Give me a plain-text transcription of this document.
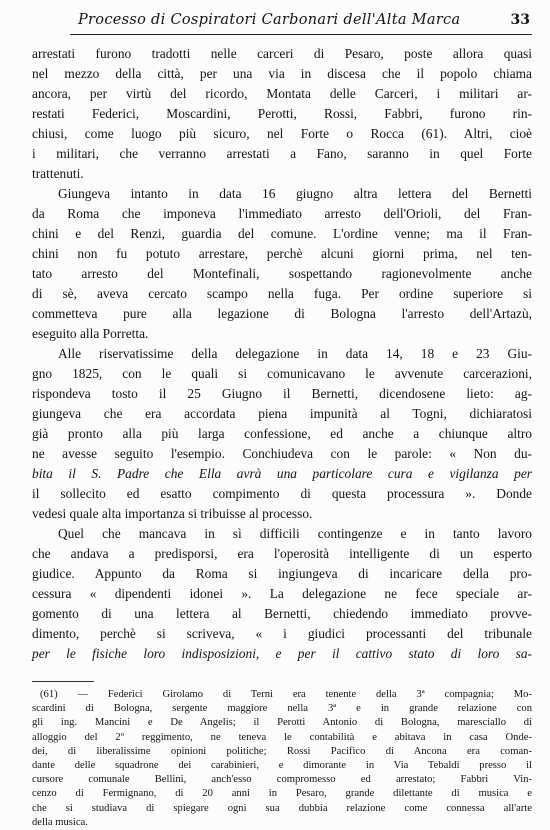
Processo di Cospiratori Carbonari dell'Alta Marca	33
arrestati furono tradotti nelle carceri di Pesaro, poste allora quasi
nel mezzo della città, per una via in discesa che il popolo chiama
ancora, per virtù del ricordo, Montata delle Carceri, i militari ar-
restati Federici, Moscardini, Perotti, Rossi, Fabbri, furono rin-
chiusi, come luogo più sicuro, nel Forte o Rocca (61). Altri, cioè
i militari, che verranno arrestati a Fano, saranno in quel Forte
trattenuti.
Giungeva intanto in data 16 giugno altra lettera del Bernetti
da Roma che imponeva l'immediato arresto dell'Orioli, del Fran-
chini e del Renzi, guardia del comune. L'ordine venne; ma il Fran-
chini non fu potuto arrestare, perchè alcuni giorni prima, nel ten-
tato arresto del Montefinali, sospettando ragionevolmente anche
di sè, aveva cercato scampo nella fuga. Per ordine superiore si
commetteva pure alla legazione di Bologna l'arresto dell'Artazù,
eseguito alla Porretta.
Alle riservatissime della delegazione in data 14, 18 e 23 Giu-
gno 1825, con le quali si comunicavano le avvenute carcerazioni,
rispondeva tosto il 25 Giugno il Bernetti, dicendosene lieto: ag-
giungeva che era accordata piena impunità al Togni, dichiaratosi
già pronto alla più larga confessione, ed anche a chiunque altro
ne avesse seguito l'esempio. Conchiudeva con le parole: « Non du-
bita il S. Padre che Ella avrà una particolare cura e vigilanza per
il sollecito ed esatto compimento di questa processura ». Donde
vedesi quale alta importanza si tribuisse al processo.
Quel che mancava in sì difficili contingenze e in tanto lavoro
che andava a predisporsi, era l'operosità intelligente di un esperto
giudice. Appunto da Roma si ingiungeva di incaricare della pro-
cessura « dipendenti idonei ». La delegazione ne fece speciale ar-
gomento di una lettera al Bernetti, chiedendo immediato provve-
dimento, perchè si scriveva, « i giudici processanti del tribunale
per le fisiche loro indisposizioni, e per il cattivo stato di loro sa-
(61) — Federici Girolamo di Terni era tenente della 3ª compagnia; Mo-
scardini di Bologna, sergente maggiore nella 3ª e in grande relazione con
gli ing. Mancini e De Angelis; il Perotti Antonio di Bologna, maresciallo di
alloggio del 2º reggimento, ne teneva le contabilità e abitava in casa Onde-
dei, di liberalissime opinioni politiche; Rossi Pacifico di Ancona era coman-
dante delle squadrone dei carabinieri, e dimorante in Via Tebaldi presso il
cursore comunale Bellini, anch'esso compromesso ed arrestato; Fabbri Vin-
cenzo di Fermignano, di 20 anni in Pesaro, grande dilettante di musica e
che si studiava di spiegare ogni sua dubbia relazione come connessa all'arte
della musica.
